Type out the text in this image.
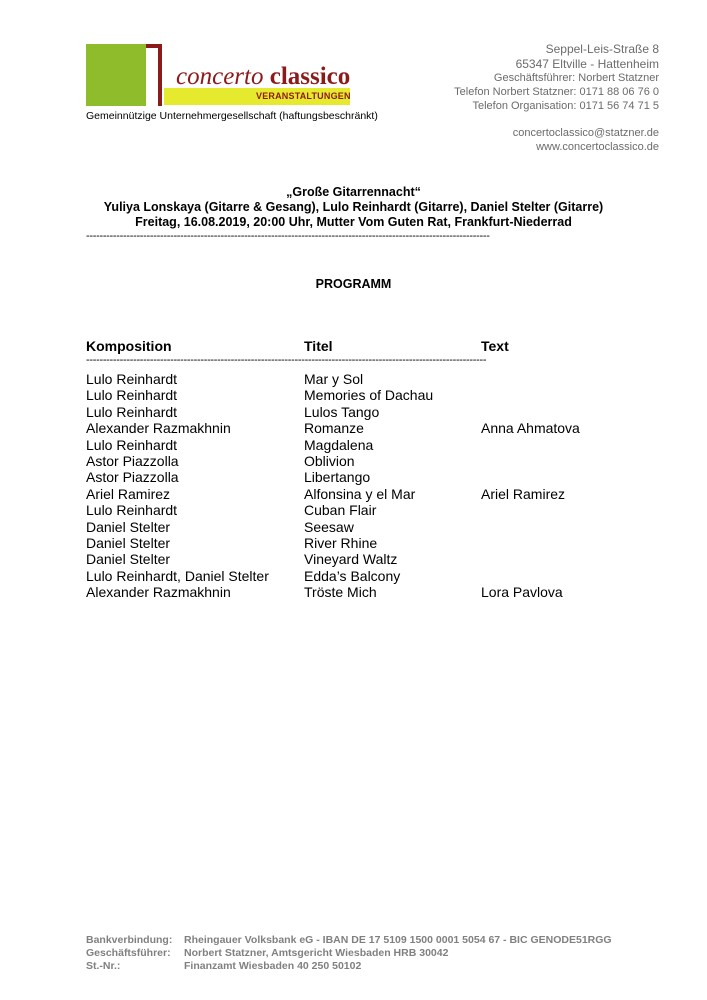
concerto classico
VERANSTALTUNGEN
Gemeinnützige Unternehmergesellschaft (haftungsbeschränkt)
Seppel-Leis-Straße 8
65347 Eltville - Hattenheim
Geschäftsführer: Norbert Statzner
Telefon Norbert Statzner: 0171 88 06 76 0
Telefon Organisation: 0171 56 74 71 5
concertoclassico@statzner.de
www.concertoclassico.de
„Große Gitarrennacht“
Yuliya Lonskaya (Gitarre & Gesang), Lulo Reinhardt (Gitarre), Daniel Stelter (Gitarre)
Freitag, 16.08.2019, 20:00 Uhr, Mutter Vom Guten Rat, Frankfurt-Niederrad
------------------------------------------------------------------------------------------------------------------------
PROGRAMM
Komposition	Titel	Text
-----------------------------------------------------------------------------------------------------------------------
Lulo Reinhardt	Mar y Sol
Lulo Reinhardt	Memories of Dachau
Lulo Reinhardt	Lulos Tango
Alexander Razmakhnin	Romanze	Anna Ahmatova
Lulo Reinhardt	Magdalena
Astor Piazzolla	Oblivion
Astor Piazzolla	Libertango
Ariel Ramirez	Alfonsina y el Mar	Ariel Ramirez
Lulo Reinhardt	Cuban Flair
Daniel Stelter	Seesaw
Daniel Stelter	River Rhine
Daniel Stelter	Vineyard Waltz
Lulo Reinhardt, Daniel Stelter	Edda’s Balcony
Alexander Razmakhnin	Tröste Mich	Lora Pavlova
Bankverbindung: Rheingauer Volksbank eG - IBAN DE 17 5109 1500 0001 5054 67 - BIC GENODE51RGG
Geschäftsführer: Norbert Statzner, Amtsgericht Wiesbaden HRB 30042
St.-Nr.:	Finanzamt Wiesbaden 40 250 50102
